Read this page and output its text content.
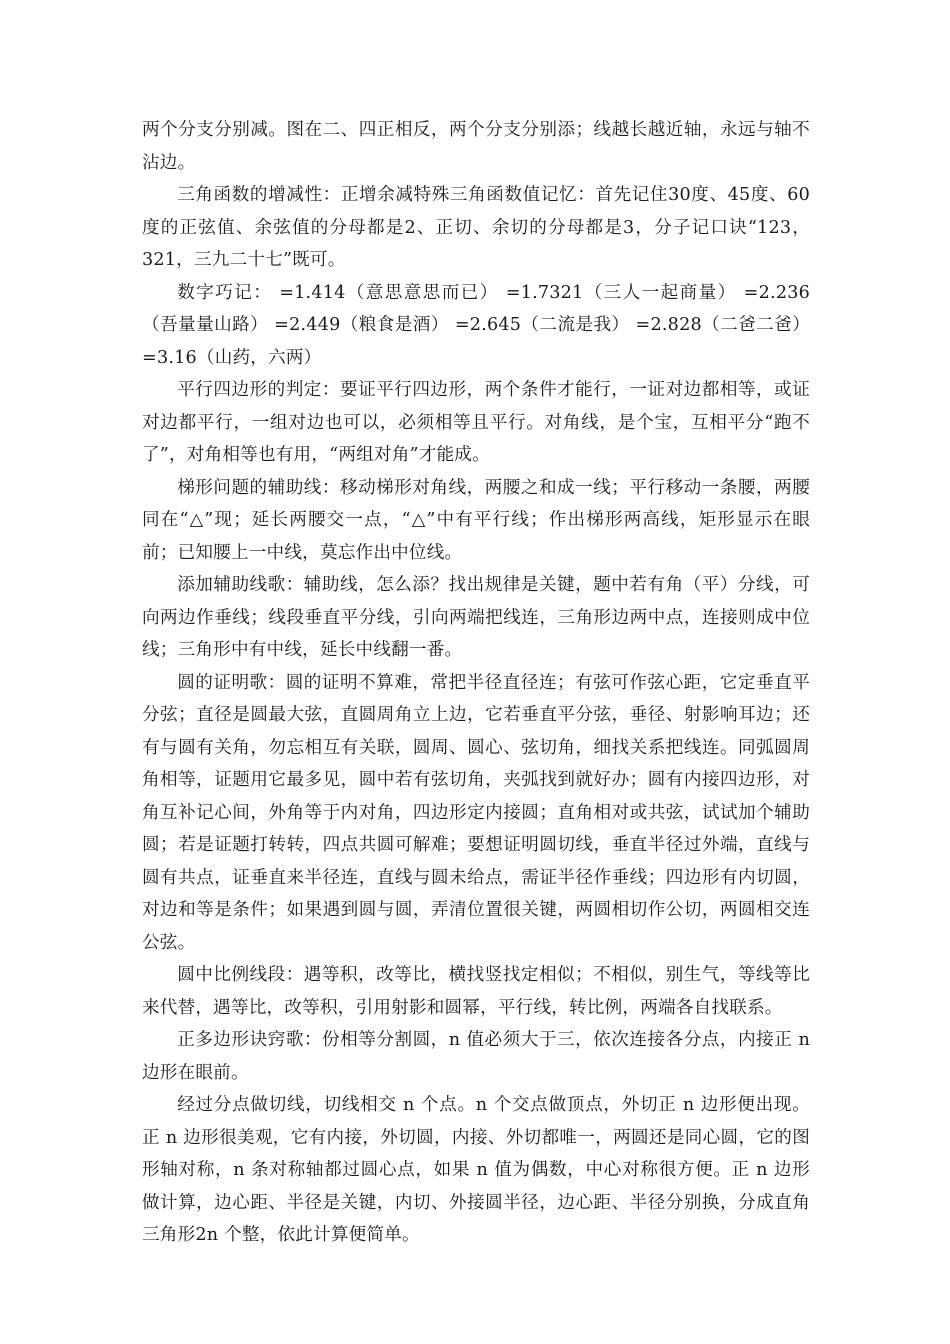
两个分支分别减。图在二、四正相反，两个分支分别添；线越长越近轴，永远与轴不沾边。

三角函数的增减性：正增余减特殊三角函数值记忆：首先记住30度、45度、60度的正弦值、余弦值的分母都是2、正切、余切的分母都是3，分子记口诀“123，321，三九二十七”既可。

数字巧记： =1.414（意思意思而已） =1.7321（三人一起商量） =2.236（吾量量山路） =2.449（粮食是酒） =2.645（二流是我） =2.828（二爸二爸） =3.16（山药，六两）

平行四边形的判定：要证平行四边形，两个条件才能行，一证对边都相等，或证对边都平行，一组对边也可以，必须相等且平行。对角线，是个宝，互相平分“跑不了”，对角相等也有用，“两组对角”才能成。

梯形问题的辅助线：移动梯形对角线，两腰之和成一线；平行移动一条腰，两腰同在“△”现；延长两腰交一点，“△”中有平行线；作出梯形两高线，矩形显示在眼前；已知腰上一中线，莫忘作出中位线。

添加辅助线歌：辅助线，怎么添？找出规律是关键，题中若有角（平）分线，可向两边作垂线；线段垂直平分线，引向两端把线连，三角形边两中点，连接则成中位线；三角形中有中线，延长中线翻一番。

圆的证明歌：圆的证明不算难，常把半径直径连；有弦可作弦心距，它定垂直平分弦；直径是圆最大弦，直圆周角立上边，它若垂直平分弦，垂径、射影响耳边；还有与圆有关角，勿忘相互有关联，圆周、圆心、弦切角，细找关系把线连。同弧圆周角相等，证题用它最多见，圆中若有弦切角，夹弧找到就好办；圆有内接四边形，对角互补记心间，外角等于内对角，四边形定内接圆；直角相对或共弦，试试加个辅助圆；若是证题打转转，四点共圆可解难；要想证明圆切线，垂直半径过外端，直线与圆有共点，证垂直来半径连，直线与圆未给点，需证半径作垂线；四边形有内切圆，对边和等是条件；如果遇到圆与圆，弄清位置很关键，两圆相切作公切，两圆相交连公弦。

圆中比例线段：遇等积，改等比，横找竖找定相似；不相似，别生气，等线等比来代替，遇等比，改等积，引用射影和圆幂，平行线，转比例，两端各自找联系。

正多边形诀窍歌：份相等分割圆，n 值必须大于三，依次连接各分点，内接正 n 边形在眼前。

经过分点做切线，切线相交 n 个点。n 个交点做顶点，外切正 n 边形便出现。正 n 边形很美观，它有内接，外切圆，内接、外切都唯一，两圆还是同心圆，它的图形轴对称，n 条对称轴都过圆心点，如果 n 值为偶数，中心对称很方便。正 n 边形做计算，边心距、半径是关键，内切、外接圆半径，边心距、半径分别换，分成直角三角形2n 个整，依此计算便简单。
